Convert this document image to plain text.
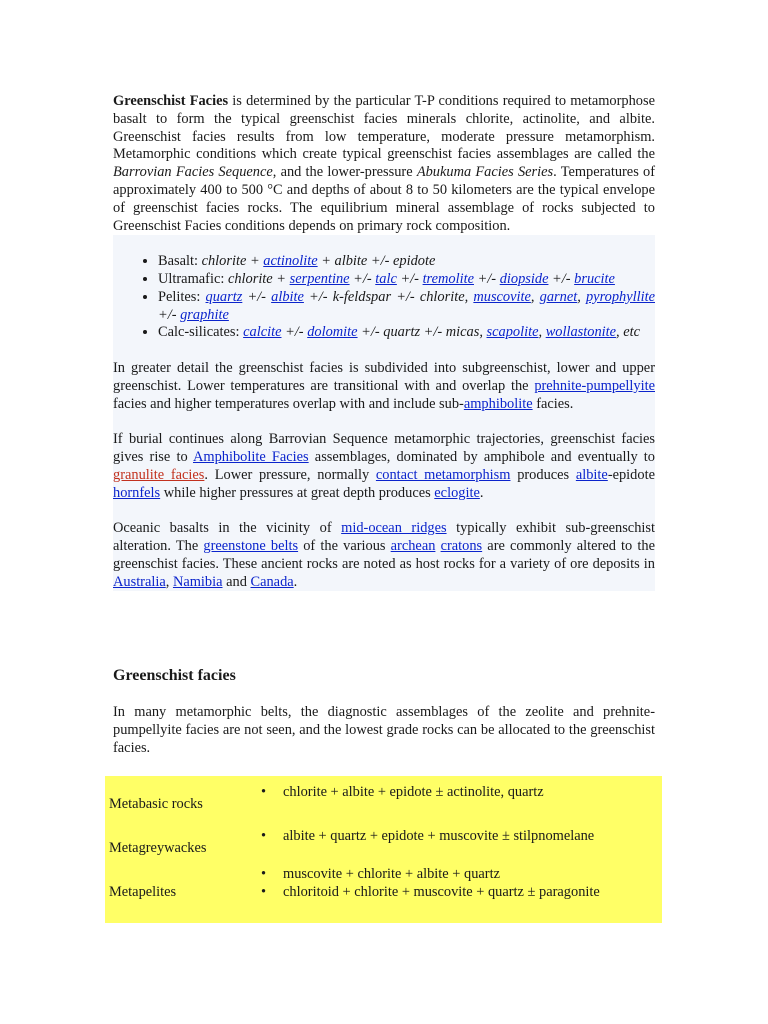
Greenschist Facies is determined by the particular T-P conditions required to metamorphose basalt to form the typical greenschist facies minerals chlorite, actinolite, and albite. Greenschist facies results from low temperature, moderate pressure metamorphism. Metamorphic conditions which create typical greenschist facies assemblages are called the Barrovian Facies Sequence, and the lower-pressure Abukuma Facies Series. Temperatures of approximately 400 to 500 °C and depths of about 8 to 50 kilometers are the typical envelope of greenschist facies rocks. The equilibrium mineral assemblage of rocks subjected to Greenschist Facies conditions depends on primary rock composition.

• Basalt: chlorite + actinolite + albite +/- epidote
• Ultramafic: chlorite + serpentine +/- talc +/- tremolite +/- diopside +/- brucite
• Pelites: quartz +/- albite +/- k-feldspar +/- chlorite, muscovite, garnet, pyrophyllite +/- graphite
• Calc-silicates: calcite +/- dolomite +/- quartz +/- micas, scapolite, wollastonite, etc

In greater detail the greenschist facies is subdivided into subgreenschist, lower and upper greenschist. Lower temperatures are transitional with and overlap the prehnite-pumpellyite facies and higher temperatures overlap with and include sub-amphibolite facies.

If burial continues along Barrovian Sequence metamorphic trajectories, greenschist facies gives rise to Amphibolite Facies assemblages, dominated by amphibole and eventually to granulite facies. Lower pressure, normally contact metamorphism produces albite-epidote hornfels while higher pressures at great depth produces eclogite.

Oceanic basalts in the vicinity of mid-ocean ridges typically exhibit sub-greenschist alteration. The greenstone belts of the various archean cratons are commonly altered to the greenschist facies. These ancient rocks are noted as host rocks for a variety of ore deposits in Australia, Namibia and Canada.

Greenschist facies

In many metamorphic belts, the diagnostic assemblages of the zeolite and prehnite-pumpellyite facies are not seen, and the lowest grade rocks can be allocated to the greenschist facies.

Metabasic rocks
• chlorite + albite + epidote ± actinolite, quartz
Metagreywackes
• albite + quartz + epidote + muscovite ± stilpnomelane
Metapelites
• muscovite + chlorite + albite + quartz
• chloritoid + chlorite + muscovite + quartz ± paragonite
